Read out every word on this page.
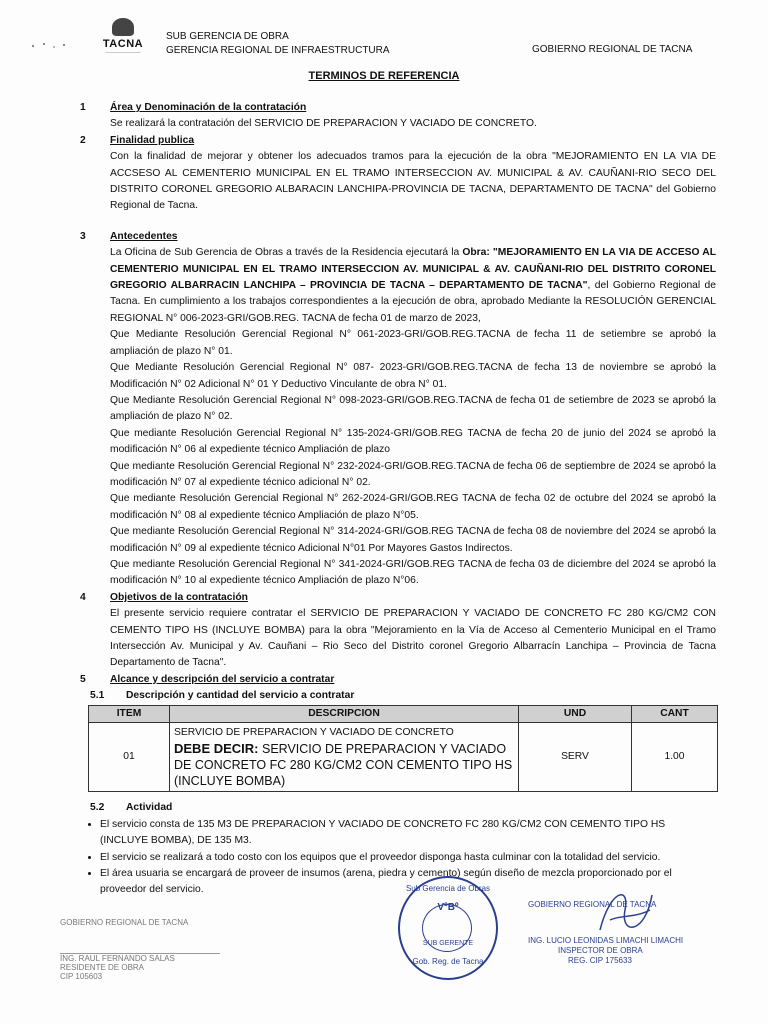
TACNA
———————
SUB GERENCIA DE OBRA
GERENCIA REGIONAL DE INFRAESTRUCTURA	GOBIERNO REGIONAL DE TACNA
TERMINOS DE REFERENCIA
1 Área y Denominación de la contratación
Se realizará la contratación del SERVICIO DE PREPARACION Y VACIADO DE CONCRETO.
2 Finalidad publica
Con la finalidad de mejorar y obtener los adecuados tramos para la ejecución de la obra "MEJORAMIENTO EN LA VIA DE ACCSESO AL CEMENTERIO MUNICIPAL EN EL TRAMO INTERSECCION AV. MUNICIPAL & AV. CAUÑANI-RIO SECO DEL DISTRITO CORONEL GREGORIO ALBARACIN LANCHIPA-PROVINCIA DE TACNA, DEPARTAMENTO DE TACNA" del Gobierno Regional de Tacna.
3 Antecedentes
La Oficina de Sub Gerencia de Obras a través de la Residencia ejecutará la Obra: "MEJORAMIENTO EN LA VIA DE ACCESO AL CEMENTERIO MUNICIPAL EN EL TRAMO INTERSECCION AV. MUNICIPAL & AV. CAUÑANI-RIO DEL DISTRITO CORONEL GREGORIO ALBARRACIN LANCHIPA – PROVINCIA DE TACNA – DEPARTAMENTO DE TACNA", del Gobierno Regional de Tacna. En cumplimiento a los trabajos correspondientes a la ejecución de obra, aprobado Mediante la RESOLUCIÓN GERENCIAL REGIONAL N° 006-2023-GRI/GOB.REG. TACNA de fecha 01 de marzo de 2023,
Que Mediante Resolución Gerencial Regional N° 061-2023-GRI/GOB.REG.TACNA de fecha 11 de setiembre se aprobó la ampliación de plazo N° 01.
Que Mediante Resolución Gerencial Regional N° 087- 2023-GRI/GOB.REG.TACNA de fecha 13 de noviembre se aprobó la Modificación N° 02 Adicional N° 01 Y Deductivo Vinculante de obra N° 01.
Que Mediante Resolución Gerencial Regional N° 098-2023-GRI/GOB.REG.TACNA de fecha 01 de setiembre de 2023 se aprobó la ampliación de plazo N° 02.
Que mediante Resolución Gerencial Regional N° 135-2024-GRI/GOB.REG TACNA de fecha 20 de junio del 2024 se aprobó la modificación N° 06 al expediente técnico Ampliación de plazo
Que mediante Resolución Gerencial Regional N° 232-2024-GRI/GOB.REG.TACNA de fecha 06 de septiembre de 2024 se aprobó la modificación N° 07 al expediente técnico adicional N° 02.
Que mediante Resolución Gerencial Regional N° 262-2024-GRI/GOB.REG TACNA de fecha 02 de octubre del 2024 se aprobó la modificación N° 08 al expediente técnico Ampliación de plazo N°05.
Que mediante Resolución Gerencial Regional N° 314-2024-GRI/GOB.REG TACNA de fecha 08 de noviembre del 2024 se aprobó la modificación N° 09 al expediente técnico Adicional N°01 Por Mayores Gastos Indirectos.
Que mediante Resolución Gerencial Regional N° 341-2024-GRI/GOB.REG TACNA de fecha 03 de diciembre del 2024 se aprobó la modificación N° 10 al expediente técnico Ampliación de plazo N°06.
4 Objetivos de la contratación
El presente servicio requiere contratar el SERVICIO DE PREPARACION Y VACIADO DE CONCRETO FC 280 KG/CM2 CON CEMENTO TIPO HS (INCLUYE BOMBA) para la obra "Mejoramiento en la Vía de Acceso al Cementerio Municipal en el Tramo Intersección Av. Municipal y Av. Cauñani – Rio Seco del Distrito coronel Gregorio Albarracín Lanchipa – Provincia de Tacna Departamento de Tacna".
5 Alcance y descripción del servicio a contratar
5.1 Descripción y cantidad del servicio a contratar
ITEM	DESCRIPCION	UND	CANT
01	SERVICIO DE PREPARACION Y VACIADO DE CONCRETO
DEBE DECIR: SERVICIO DE PREPARACION Y VACIADO DE CONCRETO FC 280 KG/CM2 CON CEMENTO TIPO HS (INCLUYE BOMBA)	SERV	1.00
5.2 Actividad
• El servicio consta de 135 M3 DE PREPARACION Y VACIADO DE CONCRETO FC 280 KG/CM2 CON CEMENTO TIPO HS (INCLUYE BOMBA), DE 135 M3.
• El servicio se realizará a todo costo con los equipos que el proveedor disponga hasta culminar con la totalidad del servicio.
• El área usuaria se encargará de proveer de insumos (arena, piedra y cemento) según diseño de mezcla proporcionado por el proveedor del servicio.
GOBIERNO REGIONAL DE TACNA
ING. RAUL FERNANDO SALAS
RESIDENTE DE OBRA
CIP 105603
Sub Gerencia de Obras
VºBº
SUB GERENTE
Gob. Reg. de Tacna
GOBIERNO REGIONAL DE TACNA
ING. LUCIO LEONIDAS LIMACHI LIMACHI
INSPECTOR DE OBRA
REG. CIP 175633
